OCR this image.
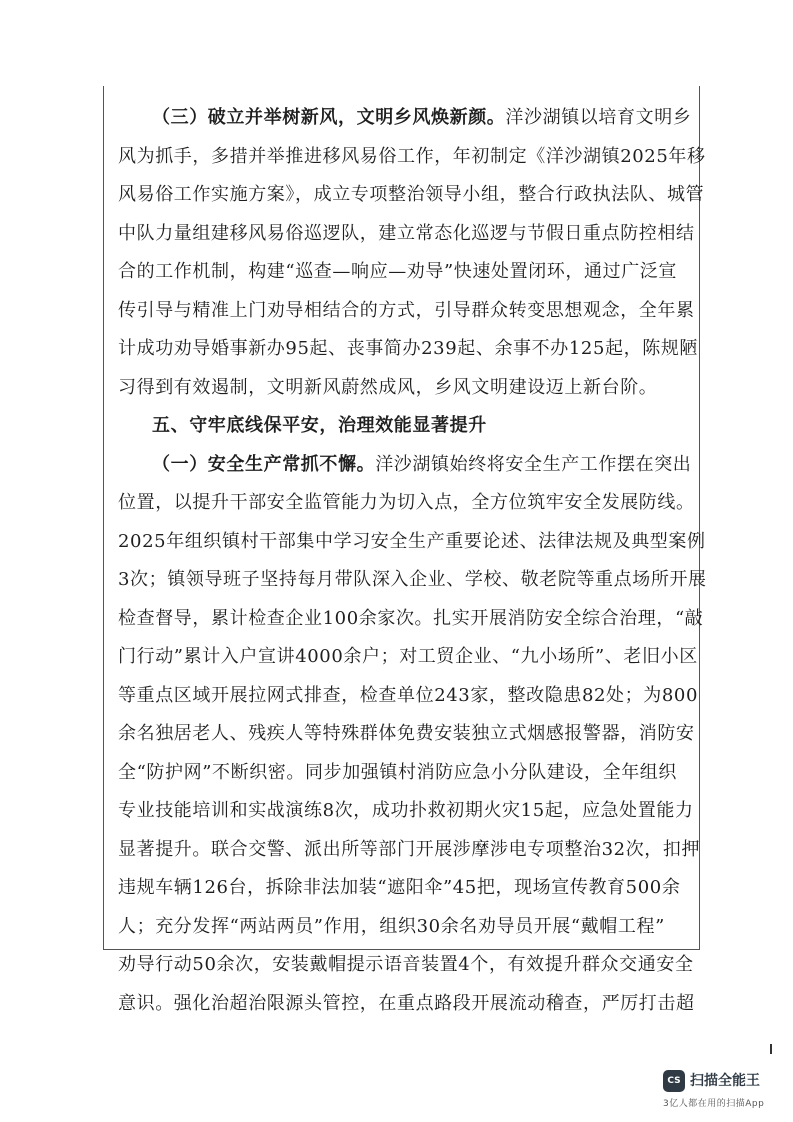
（三）破立并举树新风，文明乡风焕新颜。洋沙湖镇以培育文明乡
风为抓手，多措并举推进移风易俗工作，年初制定《洋沙湖镇2025年移
风易俗工作实施方案》，成立专项整治领导小组，整合行政执法队、城管
中队力量组建移风易俗巡逻队，建立常态化巡逻与节假日重点防控相结
合的工作机制，构建“巡查—响应—劝导”快速处置闭环，通过广泛宣
传引导与精准上门劝导相结合的方式，引导群众转变思想观念，全年累
计成功劝导婚事新办95起、丧事简办239起、余事不办125起，陈规陋
习得到有效遏制，文明新风蔚然成风，乡风文明建设迈上新台阶。
五、守牢底线保平安，治理效能显著提升
（一）安全生产常抓不懈。洋沙湖镇始终将安全生产工作摆在突出
位置，以提升干部安全监管能力为切入点，全方位筑牢安全发展防线。
2025年组织镇村干部集中学习安全生产重要论述、法律法规及典型案例
3次；镇领导班子坚持每月带队深入企业、学校、敬老院等重点场所开展
检查督导，累计检查企业100余家次。扎实开展消防安全综合治理，“敲
门行动”累计入户宣讲4000余户；对工贸企业、“九小场所”、老旧小区
等重点区域开展拉网式排查，检查单位243家，整改隐患82处；为800
余名独居老人、残疾人等特殊群体免费安装独立式烟感报警器，消防安
全“防护网”不断织密。同步加强镇村消防应急小分队建设，全年组织
专业技能培训和实战演练8次，成功扑救初期火灾15起，应急处置能力
显著提升。联合交警、派出所等部门开展涉摩涉电专项整治32次，扣押
违规车辆126台，拆除非法加装“遮阳伞”45把，现场宣传教育500余
人；充分发挥“两站两员”作用，组织30余名劝导员开展“戴帽工程”
劝导行动50余次，安装戴帽提示语音装置4个，有效提升群众交通安全
意识。强化治超治限源头管控，在重点路段开展流动稽查，严厉打击超
CS 扫描全能王
3亿人都在用的扫描App
